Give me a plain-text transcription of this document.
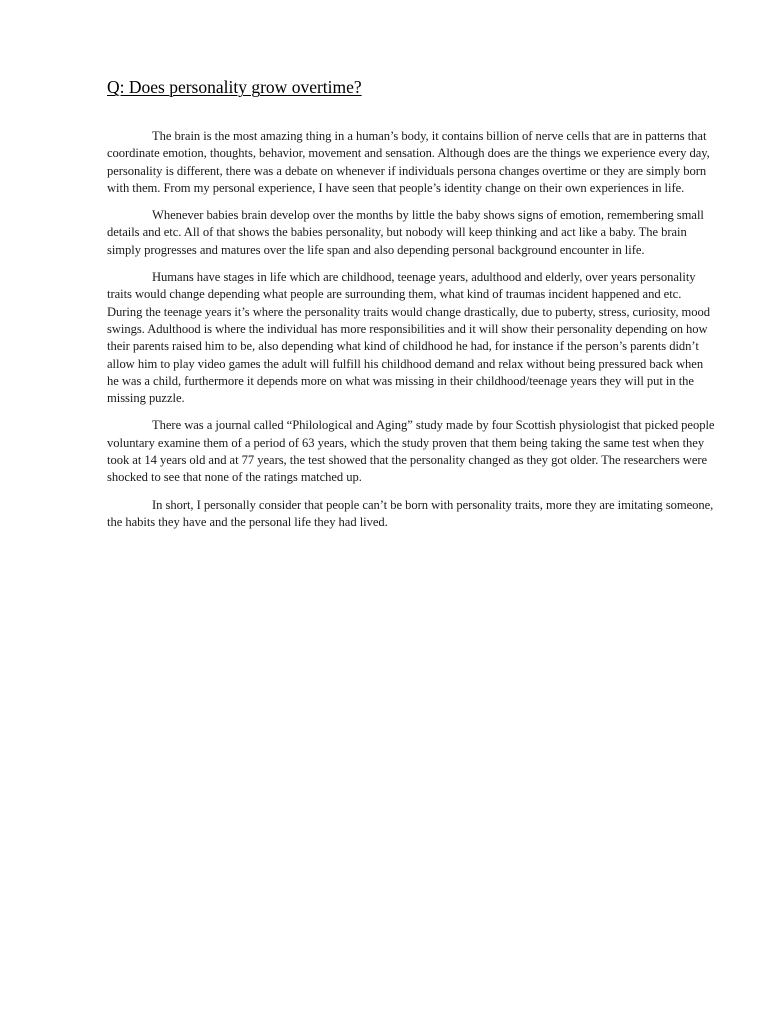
Q: Does personality grow overtime?

The brain is the most amazing thing in a human’s body, it contains billion of nerve cells that are in patterns that coordinate emotion, thoughts, behavior, movement and sensation. Although does are the things we experience every day, personality is different, there was a debate on whenever if individuals persona changes overtime or they are simply born with them. From my personal experience, I have seen that people’s identity change on their own experiences in life.

Whenever babies brain develop over the months by little the baby shows signs of emotion, remembering small details and etc. All of that shows the babies personality, but nobody will keep thinking and act like a baby. The brain simply progresses and matures over the life span and also depending personal background encounter in life.

Humans have stages in life which are childhood, teenage years, adulthood and elderly, over years personality traits would change depending what people are surrounding them, what kind of traumas incident happened and etc. During the teenage years it’s where the personality traits would change drastically, due to puberty, stress, curiosity, mood swings. Adulthood is where the individual has more responsibilities and it will show their personality depending on how their parents raised him to be, also depending what kind of childhood he had, for instance if the person’s parents didn’t allow him to play video games the adult will fulfill his childhood demand and relax without being pressured back when he was a child, furthermore it depends more on what was missing in their childhood/teenage years they will put in the missing puzzle.

There was a journal called “Philological and Aging” study made by four Scottish physiologist that picked people voluntary examine them of a period of 63 years, which the study proven that them being taking the same test when they took at 14 years old and at 77 years, the test showed that the personality changed as they got older. The researchers were shocked to see that none of the ratings matched up.

In short, I personally consider that people can’t be born with personality traits, more they are imitating someone, the habits they have and the personal life they had lived.
